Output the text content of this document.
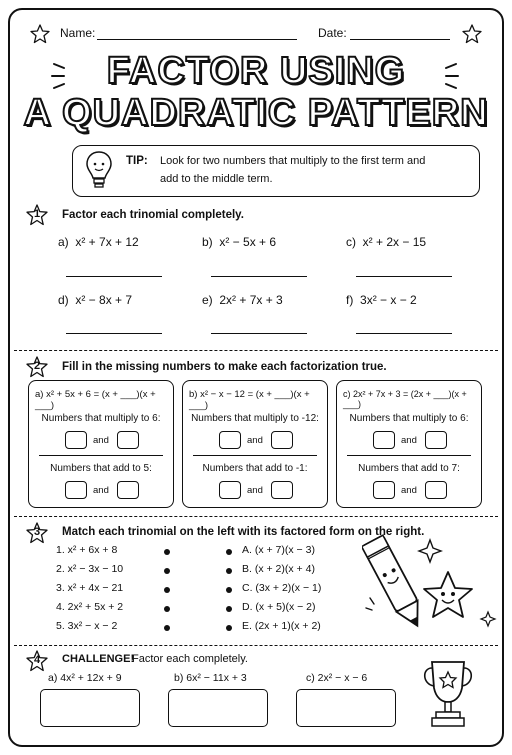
Name:	Date:
FACTOR USING
A QUADRATIC PATTERN
TIP: Look for two numbers that multiply to the first term and
add to the middle term.
1	Factor each trinomial completely.
a) x² + 7x + 12	b) x² − 5x + 6	c) x² + 2x − 15
d) x² − 8x + 7	e) 2x² + 7x + 3	f) 3x² − x − 2
2	Fill in the missing numbers to make each factorization true.
a) x² + 5x + 6 = (x + ___)(x + ___)
Numbers that multiply to 6:
and
Numbers that add to 5:
and
b) x² − x − 12 = (x + ___)(x + ___)
Numbers that multiply to -12:
and
Numbers that add to -1:
and
c) 2x² + 7x + 3 = (2x + ___)(x + ___)
Numbers that multiply to 6:
and
Numbers that add to 7:
and
3	Match each trinomial on the left with its factored form on the right.
1. x² + 6x + 8
2. x² − 3x − 10
3. x² + 4x − 21
4. 2x² + 5x + 2
5. 3x² − x − 2
A. (x + 7)(x − 3)
B. (x + 2)(x + 4)
C. (3x + 2)(x − 1)
D. (x + 5)(x − 2)
E. (2x + 1)(x + 2)
4	CHALLENGE!
Factor each completely.
a) 4x² + 12x + 9	b) 6x² − 11x + 3	c) 2x² − x − 6
